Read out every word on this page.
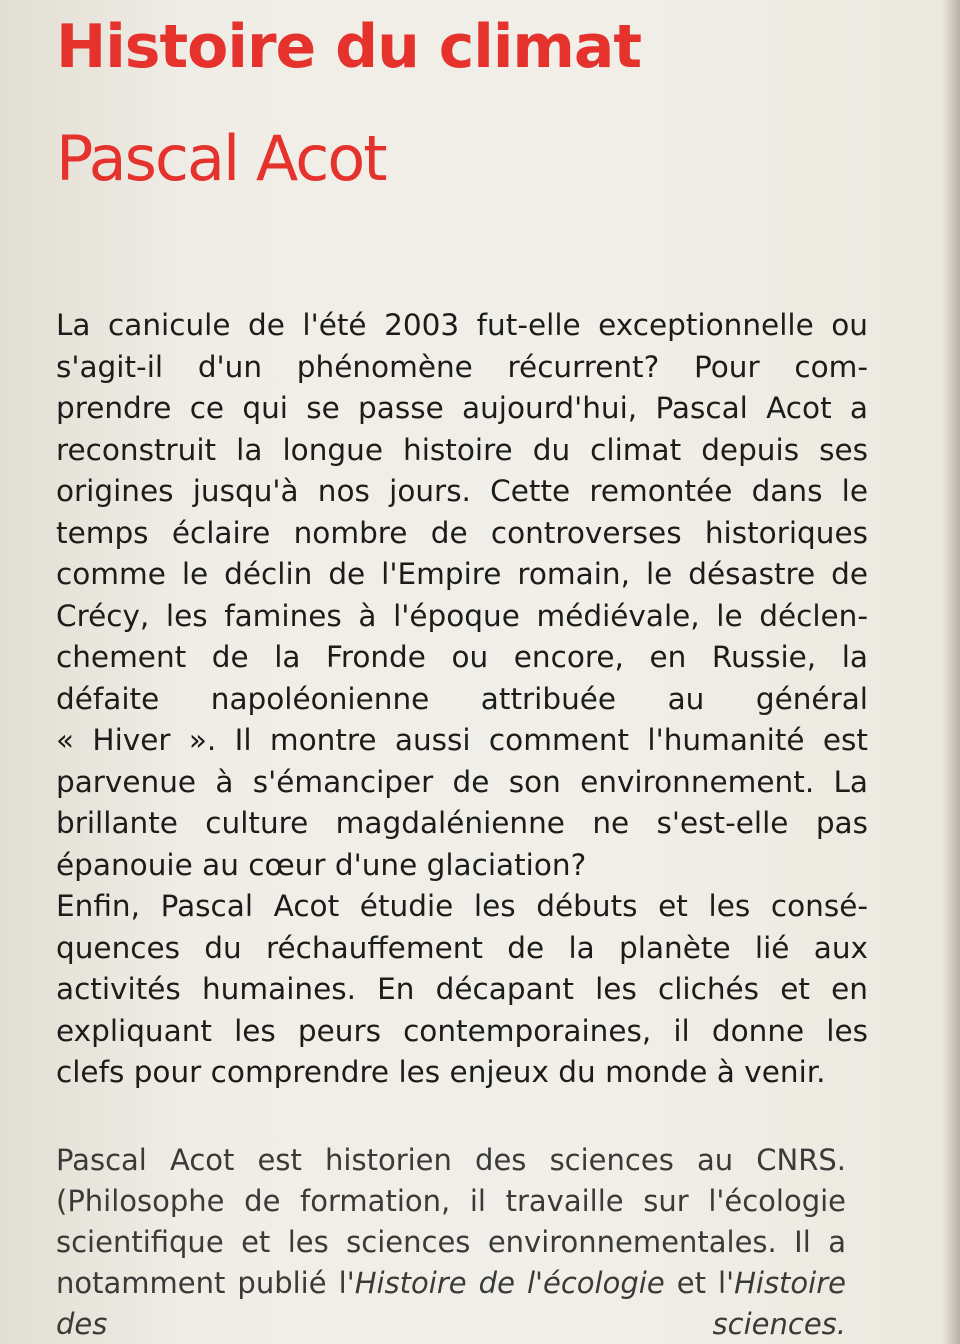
Histoire du climat
Pascal Acot
La canicule de l'été 2003 fut-elle exceptionnelle ou
s'agit-il d'un phénomène récurrent? Pour com-
prendre ce qui se passe aujourd'hui, Pascal Acot a
reconstruit la longue histoire du climat depuis ses
origines jusqu'à nos jours. Cette remontée dans le
temps éclaire nombre de controverses historiques
comme le déclin de l'Empire romain, le désastre de
Crécy, les famines à l'époque médiévale, le déclen-
chement de la Fronde ou encore, en Russie, la
défaite napoléonienne attribuée au général
« Hiver ». Il montre aussi comment l'humanité est
parvenue à s'émanciper de son environnement. La
brillante culture magdalénienne ne s'est-elle pas
épanouie au cœur d'une glaciation?
Enfin, Pascal Acot étudie les débuts et les consé-
quences du réchauffement de la planète lié aux
activités humaines. En décapant les clichés et en
expliquant les peurs contemporaines, il donne les
clefs pour comprendre les enjeux du monde à venir.
Pascal Acot est historien des sciences au CNRS.
(Philosophe de formation, il travaille sur l'écologie
scientifique et les sciences environnementales. Il a
notamment publié l'Histoire de l'écologie et l'Histoire
des sciences.
